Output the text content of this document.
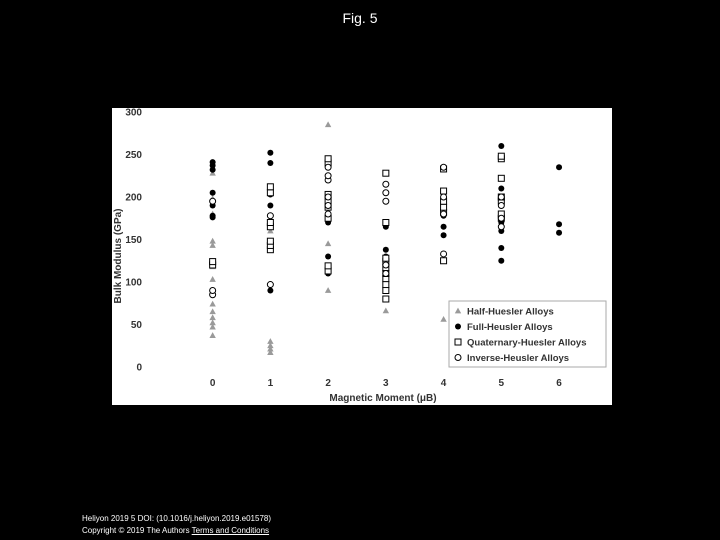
Fig. 5
0
50
100
150
200
250
300
0	1	2	3	4	5	6
Bulk Modulus (GPa)
Magnetic Moment (μB)
Half-Huesler Alloys
Full-Heusler Alloys
Quaternary-Huesler Alloys
Inverse-Heusler Alloys
Heliyon 2019 5 DOI: (10.1016/j.heliyon.2019.e01578)
Copyright © 2019 The Authors Terms and Conditions
